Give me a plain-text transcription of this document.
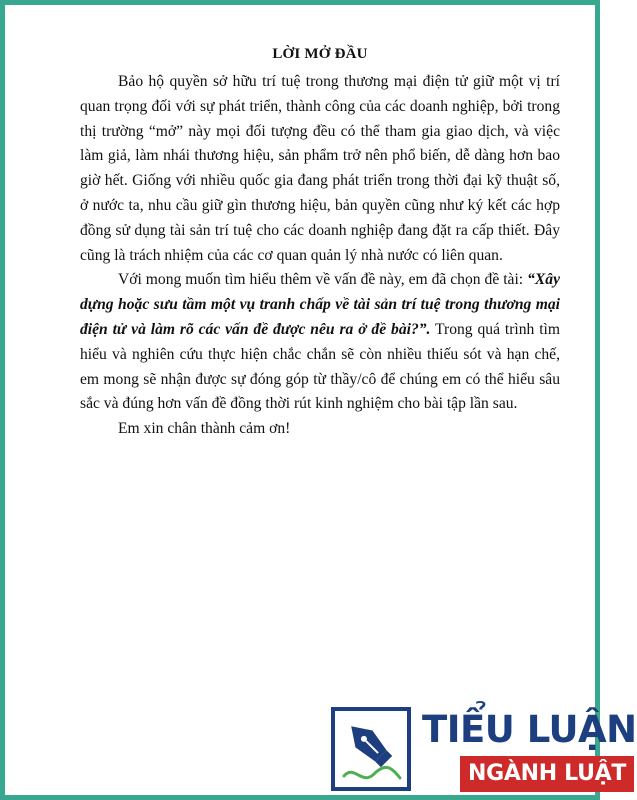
LỜI MỞ ĐẦU

Bảo hộ quyền sở hữu trí tuệ trong thương mại điện tử giữ một vị trí quan trọng đối với sự phát triển, thành công của các doanh nghiệp, bởi trong thị trường “mở” này mọi đối tượng đều có thể tham gia giao dịch, và việc làm giả, làm nhái thương hiệu, sản phẩm trở nên phổ biến, dễ dàng hơn bao giờ hết. Giống với nhiều quốc gia đang phát triển trong thời đại kỹ thuật số, ở nước ta, nhu cầu giữ gìn thương hiệu, bản quyền cũng như ký kết các hợp đồng sử dụng tài sản trí tuệ cho các doanh nghiệp đang đặt ra cấp thiết. Đây cũng là trách nhiệm của các cơ quan quản lý nhà nước có liên quan.

Với mong muốn tìm hiểu thêm về vấn đề này, em đã chọn đề tài: “Xây dựng hoặc sưu tầm một vụ tranh chấp về tài sản trí tuệ trong thương mại điện tử và làm rõ các vấn đề được nêu ra ở đề bài?”. Trong quá trình tìm hiểu và nghiên cứu thực hiện chắc chắn sẽ còn nhiều thiếu sót và hạn chế, em mong sẽ nhận được sự đóng góp từ thầy/cô để chúng em có thể hiểu sâu sắc và đúng hơn vấn đề đồng thời rút kinh nghiệm cho bài tập lần sau.

Em xin chân thành cảm ơn!

TIỂU LUẬN
NGÀNH LUẬT
